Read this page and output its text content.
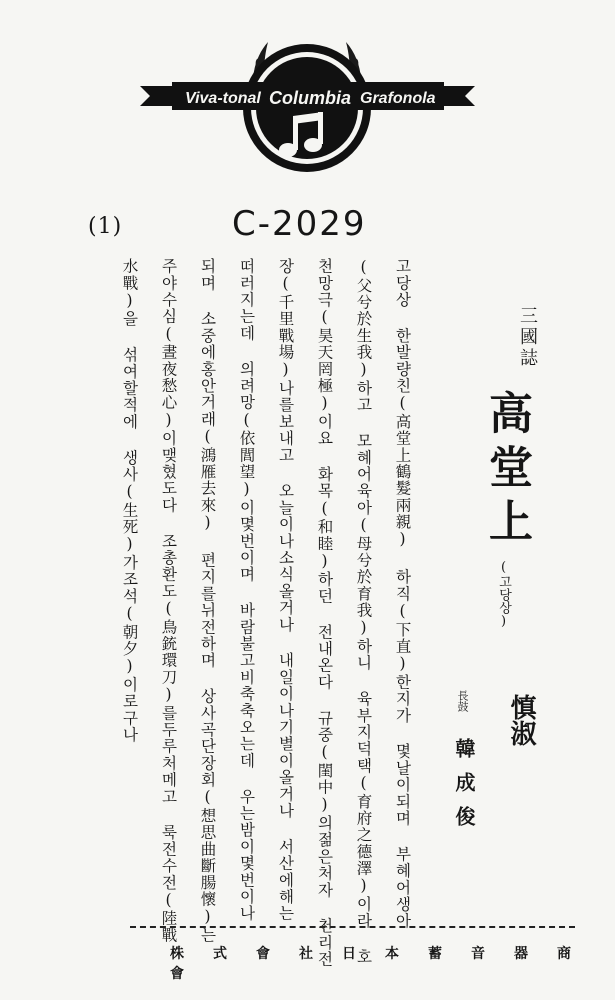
Viva-tonal Columbia Grafonola
(1)	C-2029
三國誌
高堂上
(고당상)
慎淑
長鼓
韓成俊
고당상 한발량친(高堂上鶴髮兩親) 하직(下直)한지가 몇날이되며 부혜어생아
(父兮於生我)하고 모혜어육아(母兮於育我)하니 육부지덕택(育府之德澤)이라 호
천망극(昊天罔極)이요 화목(和睦)하던 전내온다 규중(閨中)의젊은처자 천리전
장(千里戰場)나를보내고 오늘이나소식올거나 내일이나기별이올거나 서산에해는
떠러지는데 의려망(依閭望)이몇번이며 바람불고비축축오는데 우는밤이몇번이나
되며 소중에홍안거래(鴻雁去來) 편지를뉘전하며 상사곡단장회(想思曲斷腸懷)는
주야수심(晝夜愁心)이맺혔도다 조총환도(鳥銃環刀)를두루처메고 룩전수전(陸戰
水戰)을 섞여할적에 생사(生死)가조석(朝夕)이로구나
株 式 會 社 日 本 蓄 音 器 商會
